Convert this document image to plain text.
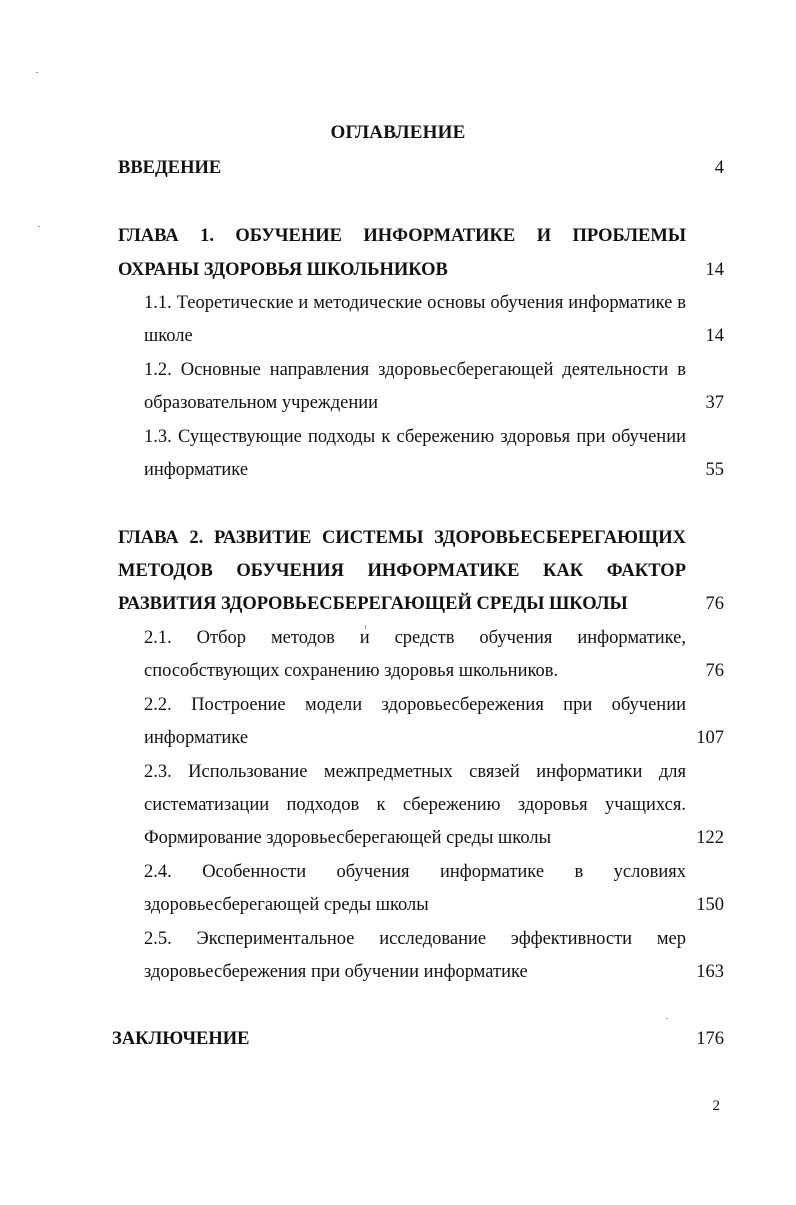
ОГЛАВЛЕНИЕ
ВВЕДЕНИЕ	4
ГЛАВА 1. ОБУЧЕНИЕ ИНФОРМАТИКЕ И ПРОБЛЕМЫ
ОХРАНЫ ЗДОРОВЬЯ ШКОЛЬНИКОВ	14
1.1. Теоретические и методические основы обучения информатике в
школе	14
1.2. Основные направления здоровьесберегающей деятельности в
образовательном учреждении	37
1.3. Существующие подходы к сбережению здоровья при обучении
информатике	55
ГЛАВА 2. РАЗВИТИЕ СИСТЕМЫ ЗДОРОВЬЕСБЕРЕГАЮЩИХ
МЕТОДОВ ОБУЧЕНИЯ ИНФОРМАТИКЕ КАК ФАКТОР
РАЗВИТИЯ ЗДОРОВЬЕСБЕРЕГАЮЩЕЙ СРЕДЫ ШКОЛЫ	76
2.1. Отбор методов и средств обучения информатике,
способствующих сохранению здоровья школьников.	76
2.2. Построение модели здоровьесбережения при обучении
информатике	107
2.3. Использование межпредметных связей информатики для
систематизации подходов к сбережению здоровья учащихся.
Формирование здоровьесберегающей среды школы	122
2.4. Особенности обучения информатике в условиях
здоровьесберегающей среды школы	150
2.5. Экспериментальное исследование эффективности мер
здоровьесбережения при обучении информатике	163
ЗАКЛЮЧЕНИЕ	176
2
